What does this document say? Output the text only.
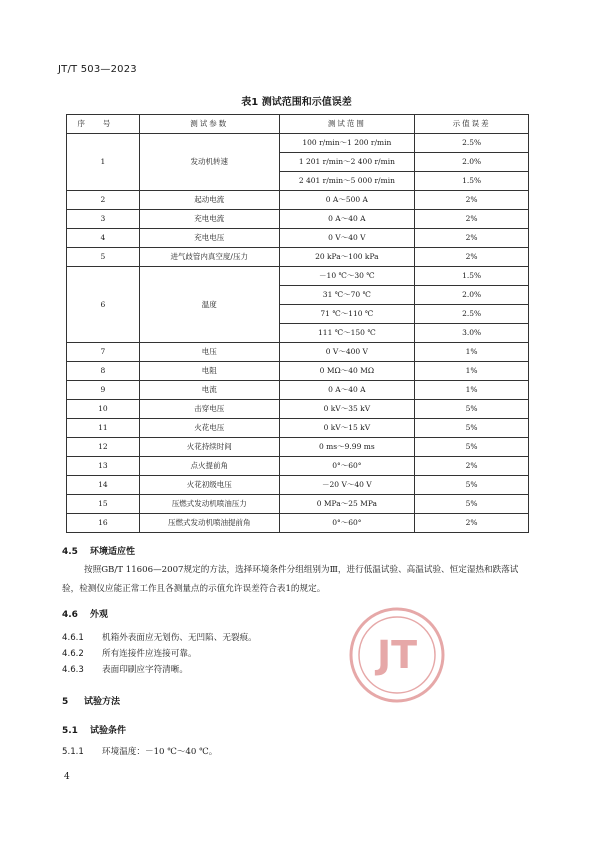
JT/T 503—2023
表1 测试范围和示值误差
序号	测试参数	测试范围	示值误差
1	发动机转速	100 r/min～1 200 r/min	2.5%
		1 201 r/min～2 400 r/min	2.0%
		2 401 r/min～5 000 r/min	1.5%
2	起动电流	0 A～500 A	2%
3	充电电流	0 A～40 A	2%
4	充电电压	0 V～40 V	2%
5	进气歧管内真空度/压力	20 kPa～100 kPa	2%
6	温度	－10 ℃～30 ℃	1.5%
		31 ℃～70 ℃	2.0%
		71 ℃～110 ℃	2.5%
		111 ℃～150 ℃	3.0%
7	电压	0 V～400 V	1%
8	电阻	0 MΩ～40 MΩ	1%
9	电流	0 A～40 A	1%
10	击穿电压	0 kV～35 kV	5%
11	火花电压	0 kV～15 kV	5%
12	火花持续时间	0 ms～9.99 ms	5%
13	点火提前角	0°～60°	2%
14	火花初级电压	－20 V～40 V	5%
15	压燃式发动机喷油压力	0 MPa～25 MPa	5%
16	压燃式发动机喷油提前角	0°～60°	2%
JT
4.5 环境适应性
按照GB/T 11606—2007规定的方法，选择环境条件分组组别为Ⅲ，进行低温试验、高温试验、恒定湿热和跌落试验，检测仪应能正常工作且各测量点的示值允许误差符合表1的规定。
4.6 外观
4.6.1 机箱外表面应无划伤、无凹陷、无裂痕。
4.6.2 所有连接件应连接可靠。
4.6.3 表面印刷应字符清晰。
5 试验方法
5.1 试验条件
5.1.1 环境温度：－10 ℃～40 ℃。
4
